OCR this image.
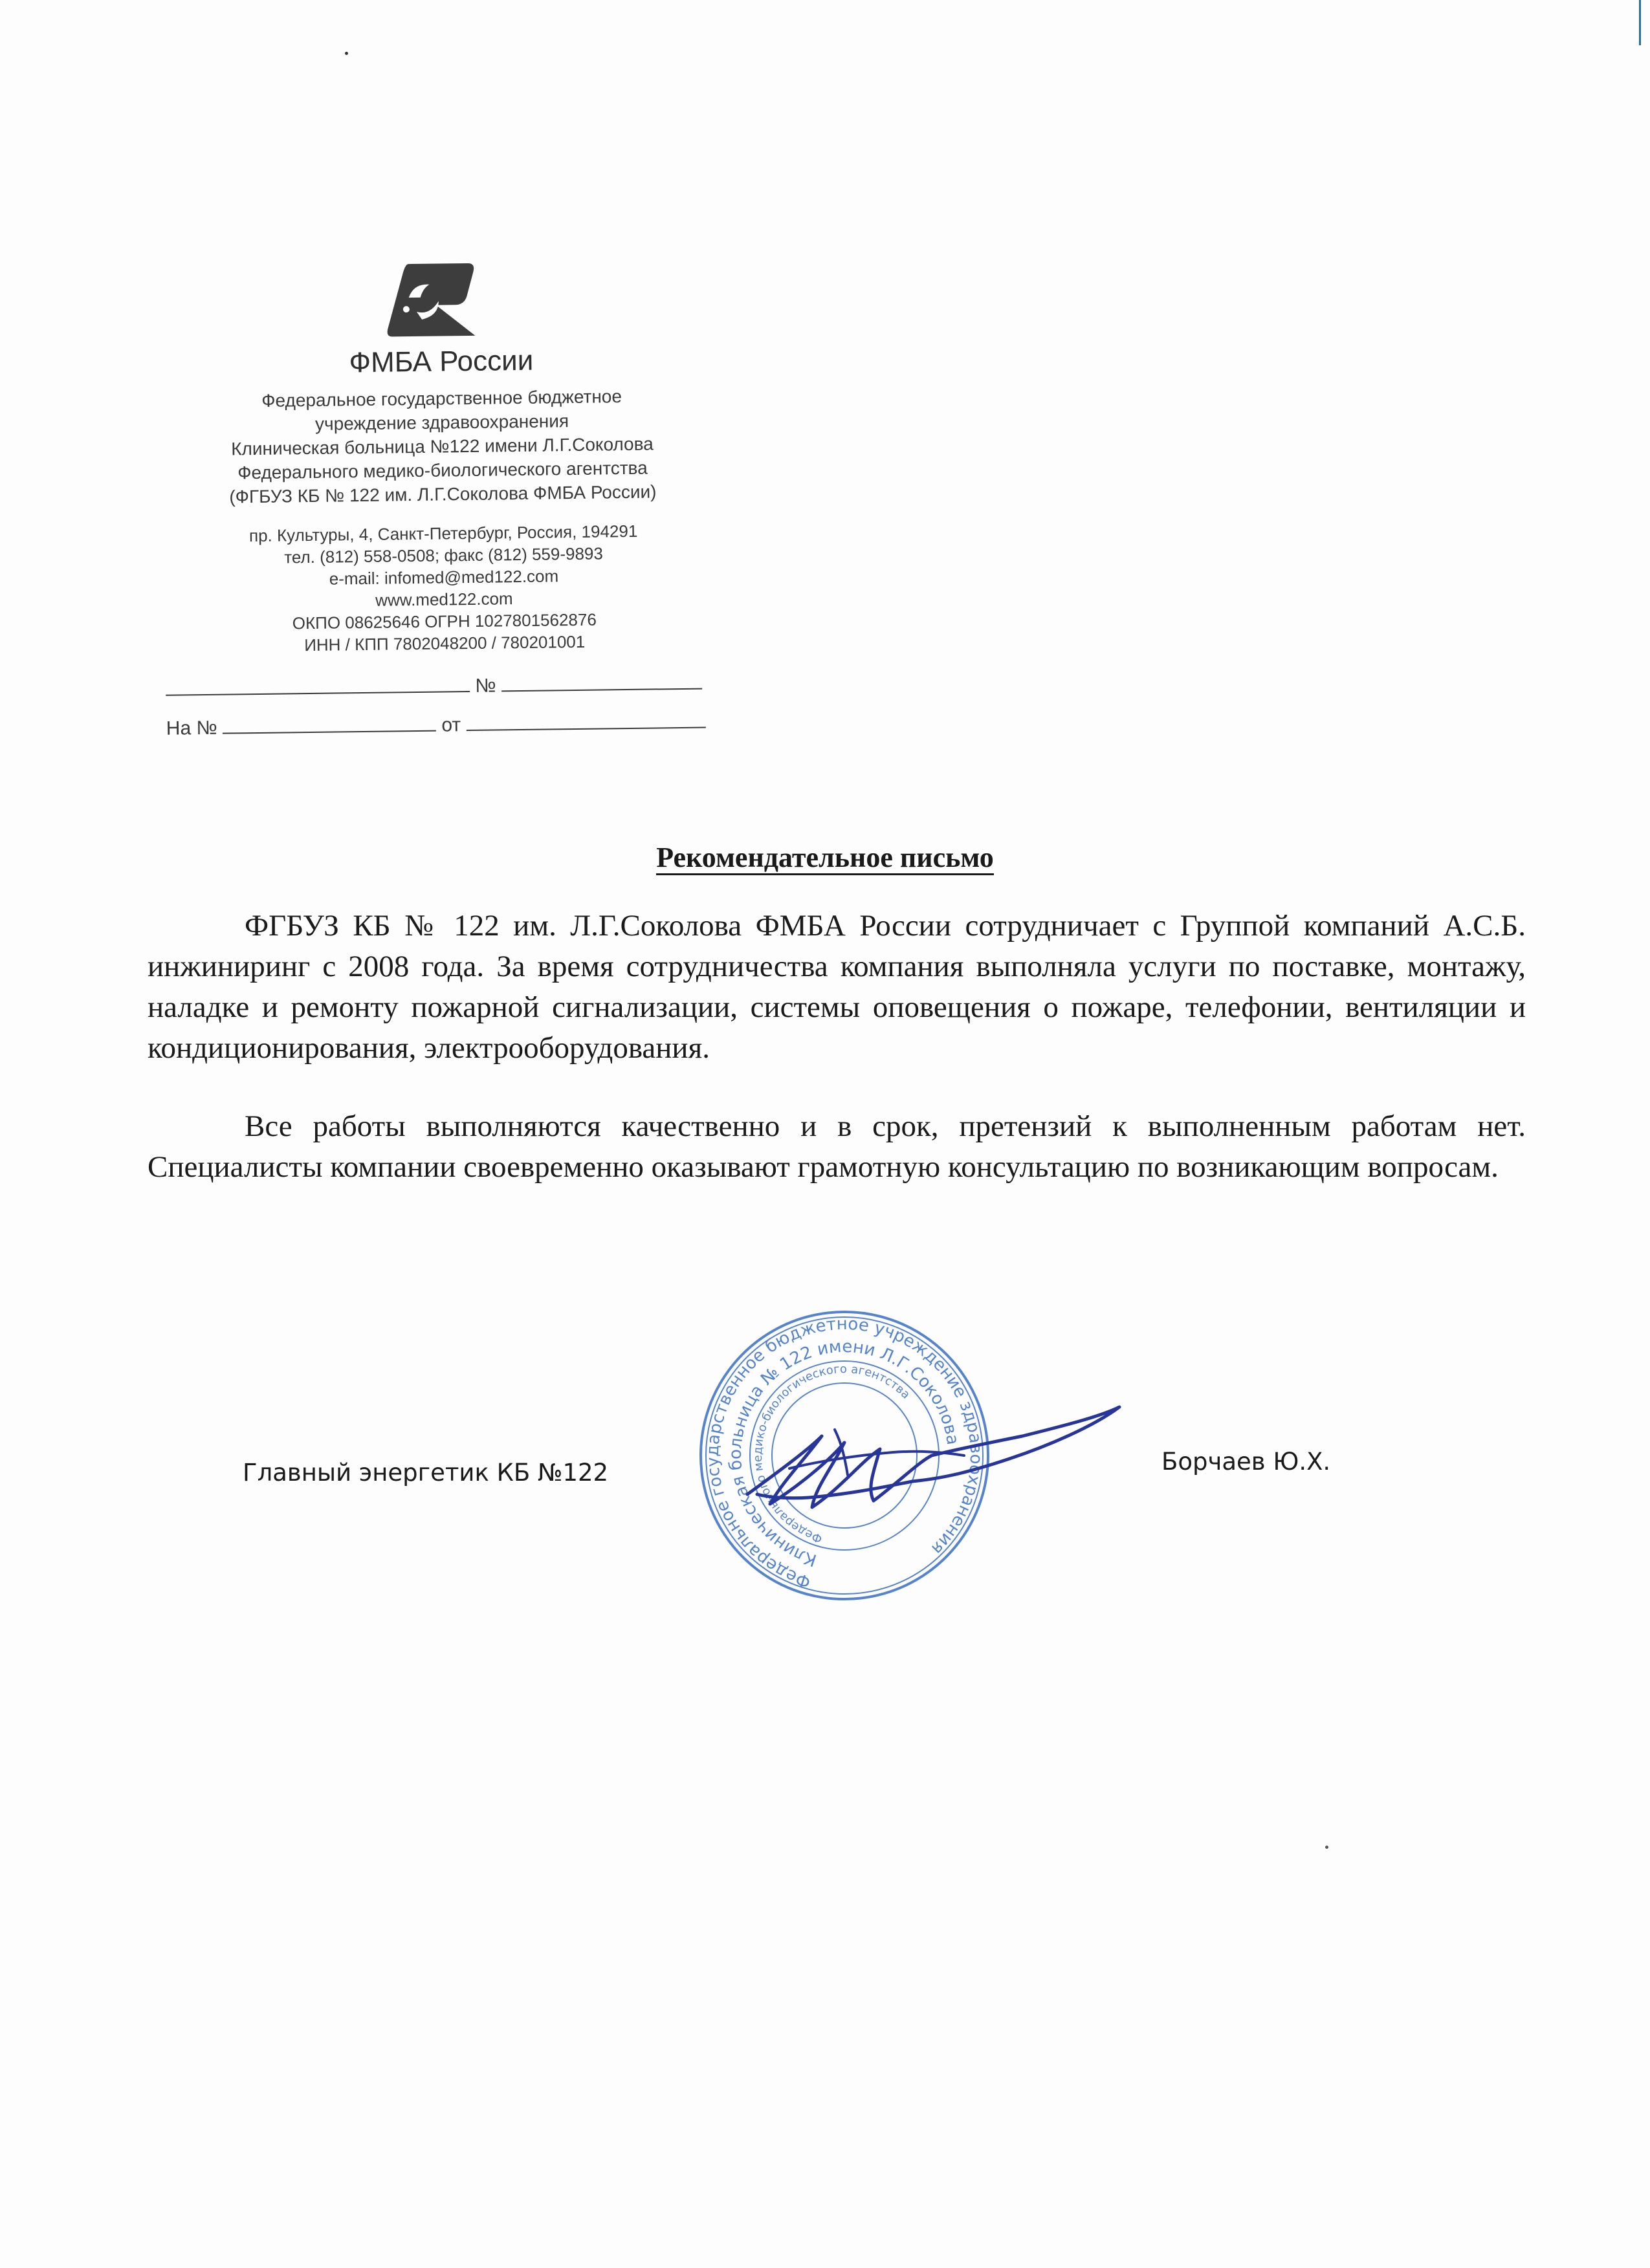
ФМБА России
Федеральное государственное бюджетное
учреждение здравоохранения
Клиническая больница №122 имени Л.Г.Соколова
Федерального медико-биологического агентства
(ФГБУЗ КБ № 122 им. Л.Г.Соколова ФМБА России)
пр. Культуры, 4, Санкт-Петербург, Россия, 194291
тел. (812) 558-0508; факс (812) 559-9893
e-mail: infomed@med122.com
www.med122.com
ОКПО 08625646 ОГРН 1027801562876
ИНН / КПП 7802048200 / 780201001
№
На №	от
Рекомендательное письмо
ФГБУЗ КБ № 122 им. Л.Г.Соколова ФМБА России сотрудничает с Группой компаний А.С.Б. инжиниринг с 2008 года. За время сотрудничества компания выполняла услуги по поставке, монтажу, наладке и ремонту пожарной сигнализации, системы оповещения о пожаре, телефонии, вентиляции и кондиционирования, электрооборудования.
Все работы выполняются качественно и в срок, претензий к выполненным работам нет. Специалисты компании своевременно оказывают грамотную консультацию по возникающим вопросам.
Федеральное государственное бюджетное учреждение здравоохранения
Клиническая больница № 122 имени Л.Г.Соколова
Федерального медико-биологического агентства
Главный энергетик КБ №122	Борчаев Ю.Х.
